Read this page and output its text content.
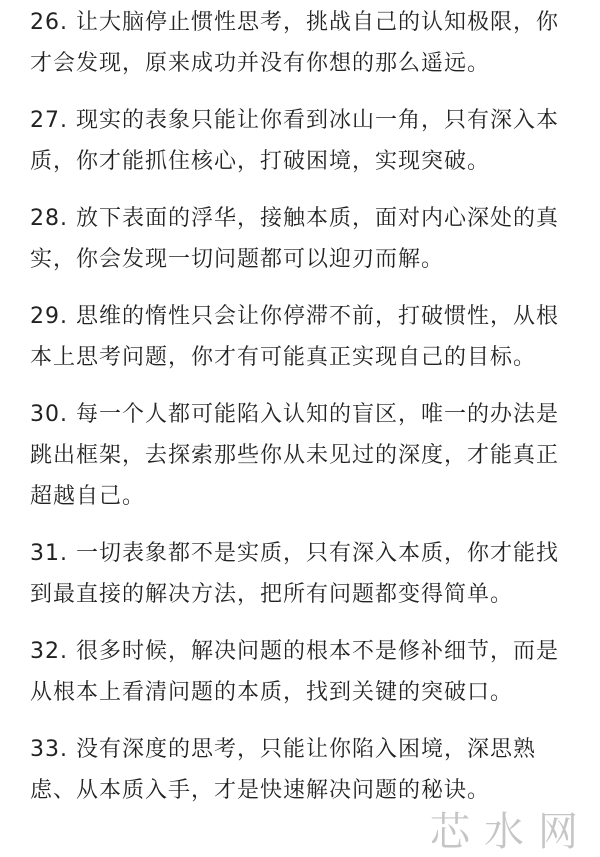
26. 让大脑停止惯性思考，挑战自己的认知极限，你才会发现，原来成功并没有你想的那么遥远。

27. 现实的表象只能让你看到冰山一角，只有深入本质，你才能抓住核心，打破困境，实现突破。

28. 放下表面的浮华，接触本质，面对内心深处的真实，你会发现一切问题都可以迎刃而解。

29. 思维的惰性只会让你停滞不前，打破惯性，从根本上思考问题，你才有可能真正实现自己的目标。

30. 每一个人都可能陷入认知的盲区，唯一的办法是跳出框架，去探索那些你从未见过的深度，才能真正超越自己。

31. 一切表象都不是实质，只有深入本质，你才能找到最直接的解决方法，把所有问题都变得简单。

32. 很多时候，解决问题的根本不是修补细节，而是从根本上看清问题的本质，找到关键的突破口。

33. 没有深度的思考，只能让你陷入困境，深思熟虑、从本质入手，才是快速解决问题的秘诀。

芯水网
